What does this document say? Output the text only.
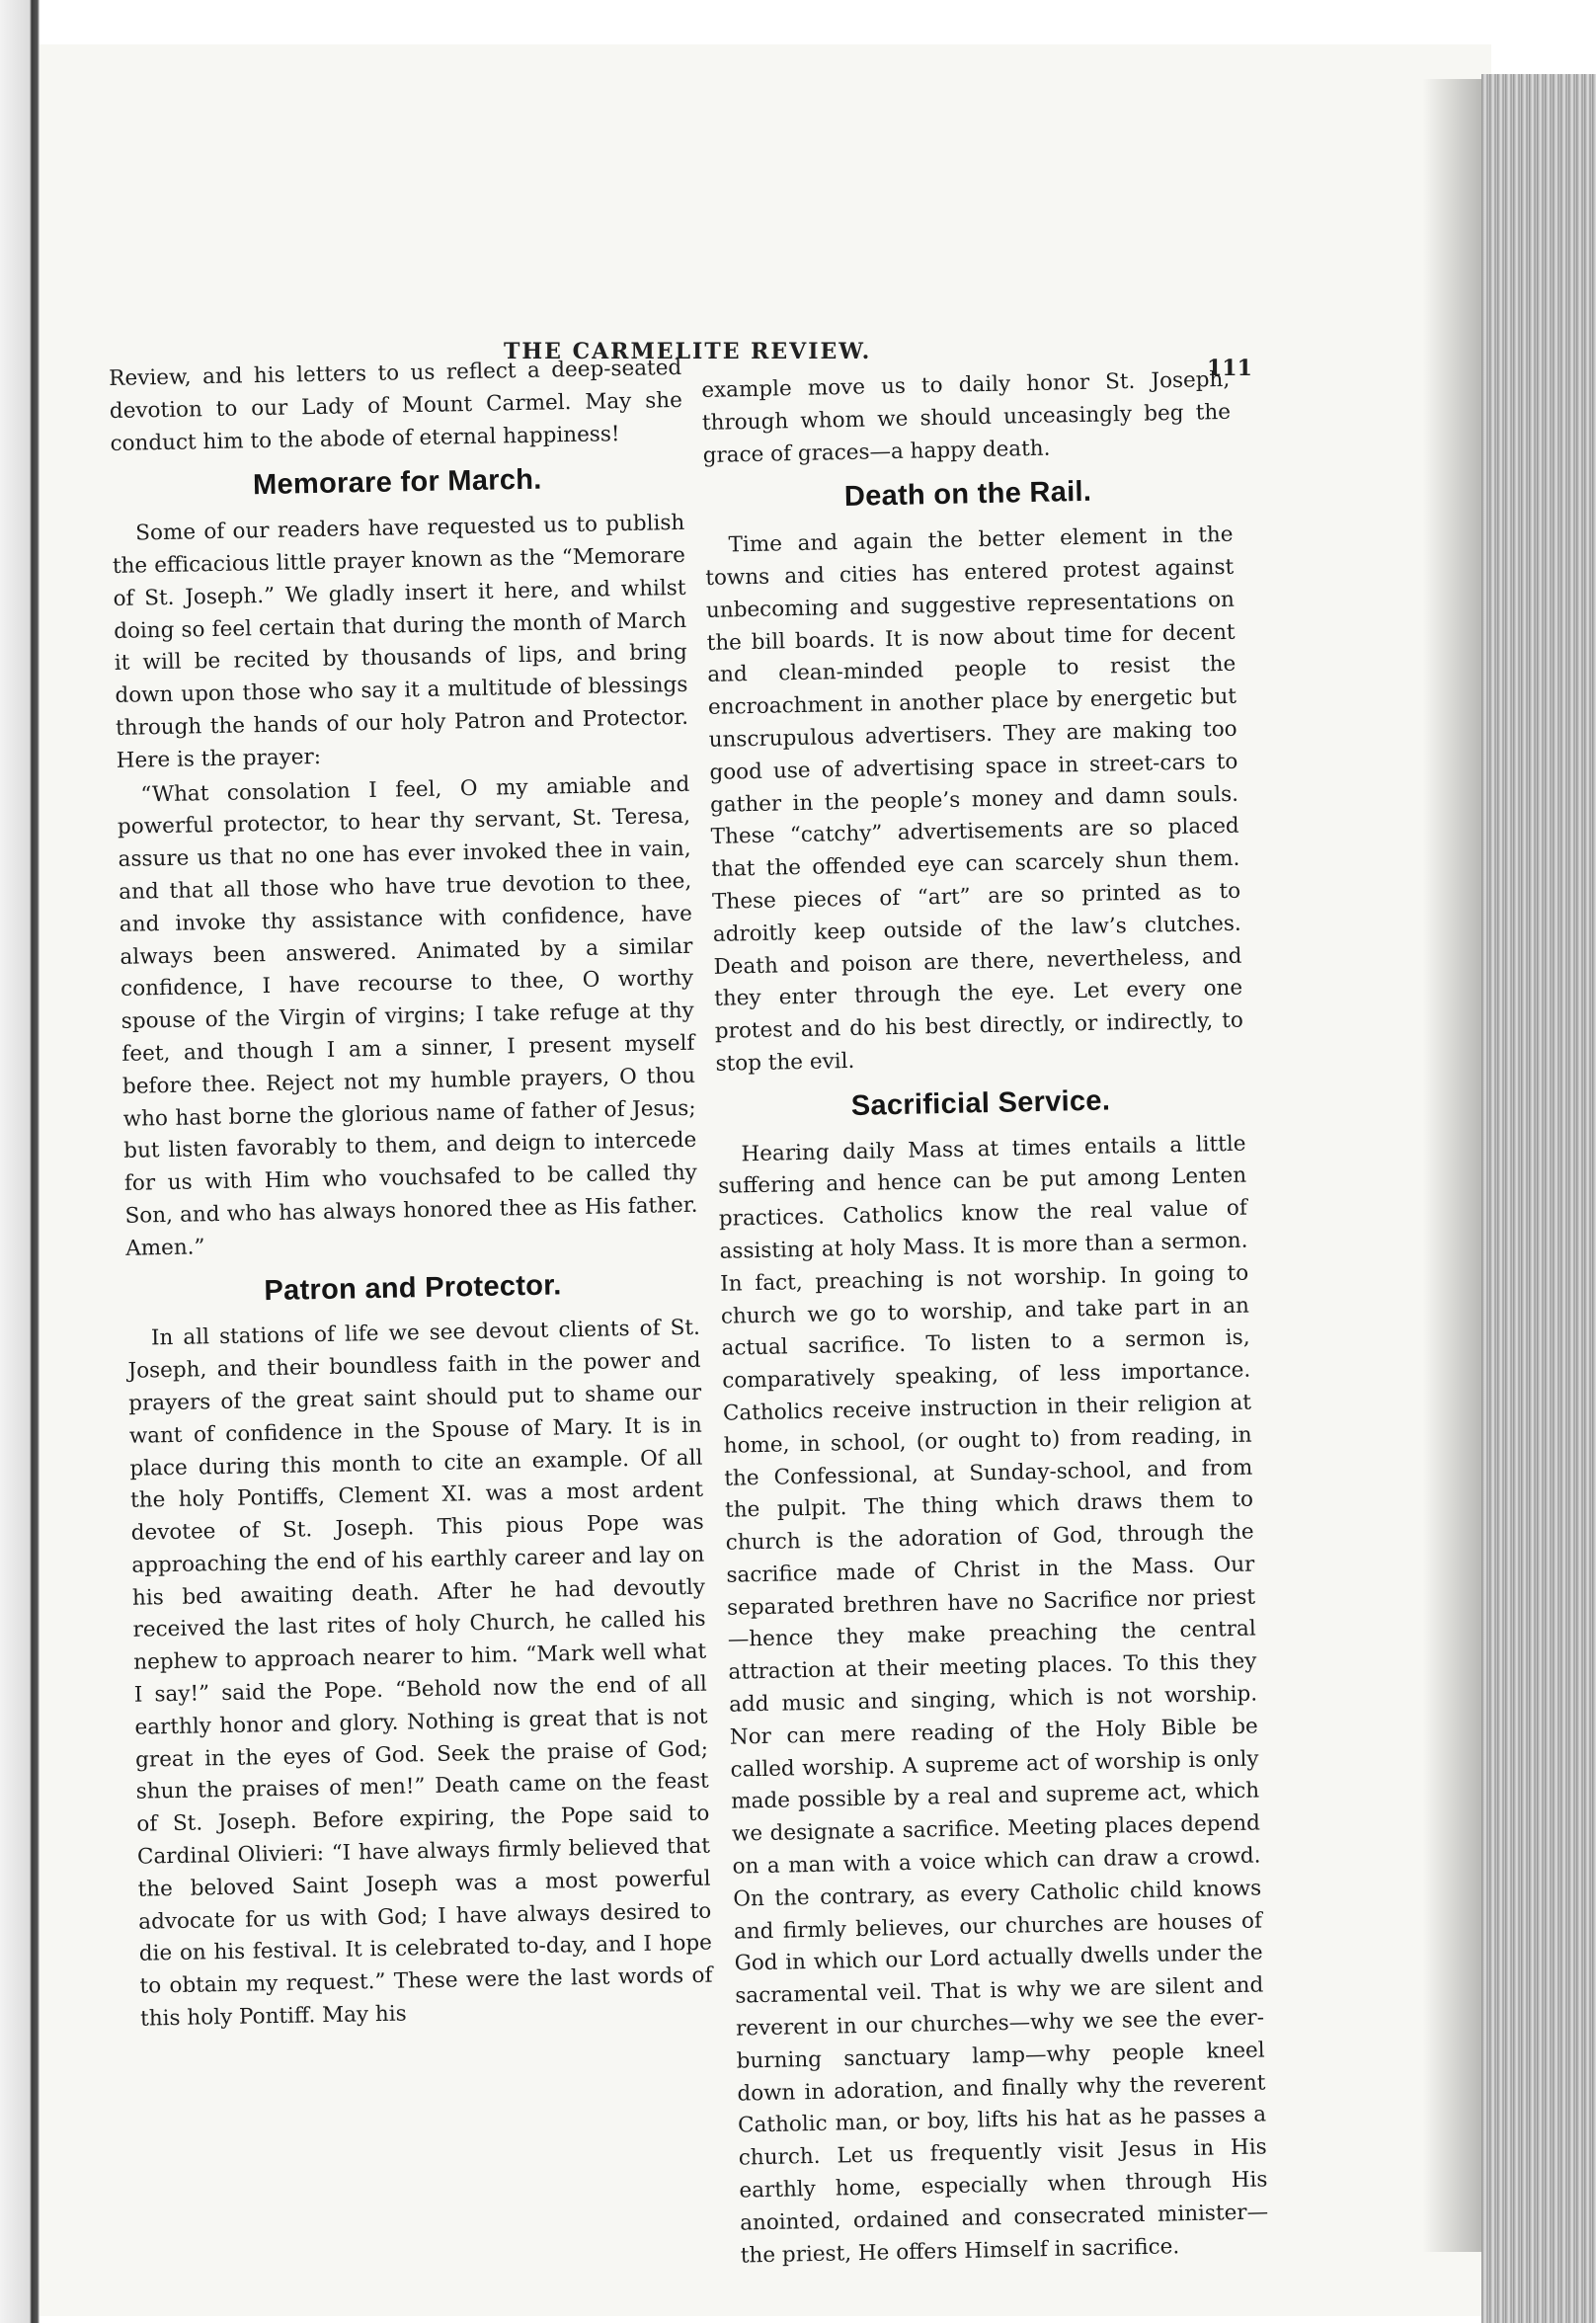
THE CARMELITE REVIEW.
111

Review, and his letters to us reflect a deep-seated devotion to our Lady of Mount Carmel. May she conduct him to the abode of eternal happiness!

Memorare for March.

Some of our readers have requested us to publish the efficacious little prayer known as the “Memorare of St. Joseph.” We gladly insert it here, and whilst doing so feel certain that during the month of March it will be recited by thousands of lips, and bring down upon those who say it a multitude of blessings through the hands of our holy Patron and Protector. Here is the prayer:

“What consolation I feel, O my amiable and powerful protector, to hear thy servant, St. Teresa, assure us that no one has ever invoked thee in vain, and that all those who have true devotion to thee, and invoke thy assistance with confidence, have always been answered. Animated by a similar confidence, I have recourse to thee, O worthy spouse of the Virgin of virgins; I take refuge at thy feet, and though I am a sinner, I present myself before thee. Reject not my humble prayers, O thou who hast borne the glorious name of father of Jesus; but listen favorably to them, and deign to intercede for us with Him who vouchsafed to be called thy Son, and who has always honored thee as His father. Amen.”

Patron and Protector.

In all stations of life we see devout clients of St. Joseph, and their boundless faith in the power and prayers of the great saint should put to shame our want of confidence in the Spouse of Mary. It is in place during this month to cite an example. Of all the holy Pontiffs, Clement XI. was a most ardent devotee of St. Joseph. This pious Pope was approaching the end of his earthly career and lay on his bed awaiting death. After he had devoutly received the last rites of holy Church, he called his nephew to approach nearer to him. “Mark well what I say!” said the Pope. “Behold now the end of all earthly honor and glory. Nothing is great that is not great in the eyes of God. Seek the praise of God; shun the praises of men!” Death came on the feast of St. Joseph. Before expiring, the Pope said to Cardinal Olivieri: “I have always firmly believed that the beloved Saint Joseph was a most powerful advocate for us with God; I have always desired to die on his festival. It is celebrated to-day, and I hope to obtain my request.” These were the last words of this holy Pontiff. May his

example move us to daily honor St. Joseph, through whom we should unceasingly beg the grace of graces—a happy death.

Death on the Rail.

Time and again the better element in the towns and cities has entered protest against unbecoming and suggestive representations on the bill boards. It is now about time for decent and clean-minded people to resist the encroachment in another place by energetic but unscrupulous advertisers. They are making too good use of advertising space in street-cars to gather in the people’s money and damn souls. These “catchy” advertisements are so placed that the offended eye can scarcely shun them. These pieces of “art” are so printed as to adroitly keep outside of the law’s clutches. Death and poison are there, nevertheless, and they enter through the eye. Let every one protest and do his best directly, or indirectly, to stop the evil.

Sacrificial Service.

Hearing daily Mass at times entails a little suffering and hence can be put among Lenten practices. Catholics know the real value of assisting at holy Mass. It is more than a sermon. In fact, preaching is not worship. In going to church we go to worship, and take part in an actual sacrifice. To listen to a sermon is, comparatively speaking, of less importance. Catholics receive instruction in their religion at home, in school, (or ought to) from reading, in the Confessional, at Sunday-school, and from the pulpit. The thing which draws them to church is the adoration of God, through the sacrifice made of Christ in the Mass. Our separated brethren have no Sacrifice nor priest—hence they make preaching the central attraction at their meeting places. To this they add music and singing, which is not worship. Nor can mere reading of the Holy Bible be called worship. A supreme act of worship is only made possible by a real and supreme act, which we designate a sacrifice. Meeting places depend on a man with a voice which can draw a crowd. On the contrary, as every Catholic child knows and firmly believes, our churches are houses of God in which our Lord actually dwells under the sacramental veil. That is why we are silent and reverent in our churches—why we see the ever-burning sanctuary lamp—why people kneel down in adoration, and finally why the reverent Catholic man, or boy, lifts his hat as he passes a church. Let us frequently visit Jesus in His earthly home, especially when through His anointed, ordained and consecrated minister—the priest, He offers Himself in sacrifice.
